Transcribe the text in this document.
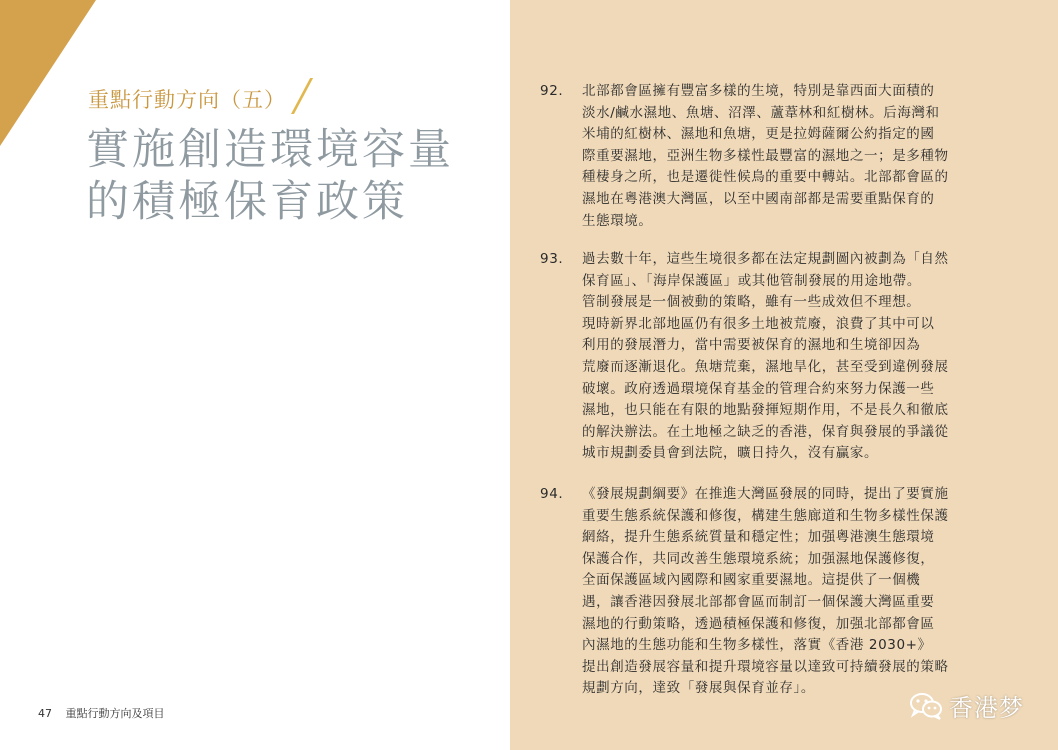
重點行動方向（五）
實施創造環境容量
的積極保育政策
47 重點行動方向及項目
92. 北部都會區擁有豐富多樣的生境，特別是靠西面大面積的
淡水/鹹水濕地、魚塘、沼澤、蘆葦林和紅樹林。后海灣和
米埔的紅樹林、濕地和魚塘，更是拉姆薩爾公約指定的國
際重要濕地，亞洲生物多樣性最豐富的濕地之一；是多種物
種棲身之所，也是遷徙性候鳥的重要中轉站。北部都會區的
濕地在粵港澳大灣區，以至中國南部都是需要重點保育的
生態環境。
93. 過去數十年，這些生境很多都在法定規劃圖內被劃為「自然
保育區」、「海岸保護區」或其他管制發展的用途地帶。
管制發展是一個被動的策略，雖有一些成效但不理想。
現時新界北部地區仍有很多土地被荒廢，浪費了其中可以
利用的發展潛力，當中需要被保育的濕地和生境卻因為
荒廢而逐漸退化。魚塘荒棄，濕地旱化，甚至受到違例發展
破壞。政府透過環境保育基金的管理合約來努力保護一些
濕地，也只能在有限的地點發揮短期作用，不是長久和徹底
的解決辦法。在土地極之缺乏的香港，保育與發展的爭議從
城市規劃委員會到法院，曠日持久，沒有贏家。
94. 《發展規劃綱要》在推進大灣區發展的同時，提出了要實施
重要生態系統保護和修復，構建生態廊道和生物多樣性保護
網絡，提升生態系統質量和穩定性；加强粵港澳生態環境
保護合作，共同改善生態環境系統；加强濕地保護修復，
全面保護區域內國際和國家重要濕地。這提供了一個機
遇，讓香港因發展北部都會區而制訂一個保護大灣區重要
濕地的行動策略，透過積極保護和修復，加强北部都會區
內濕地的生態功能和生物多樣性，落實《香港 2030+》
提出創造發展容量和提升環境容量以達致可持續發展的策略
規劃方向，達致「發展與保育並存」。
香港梦
